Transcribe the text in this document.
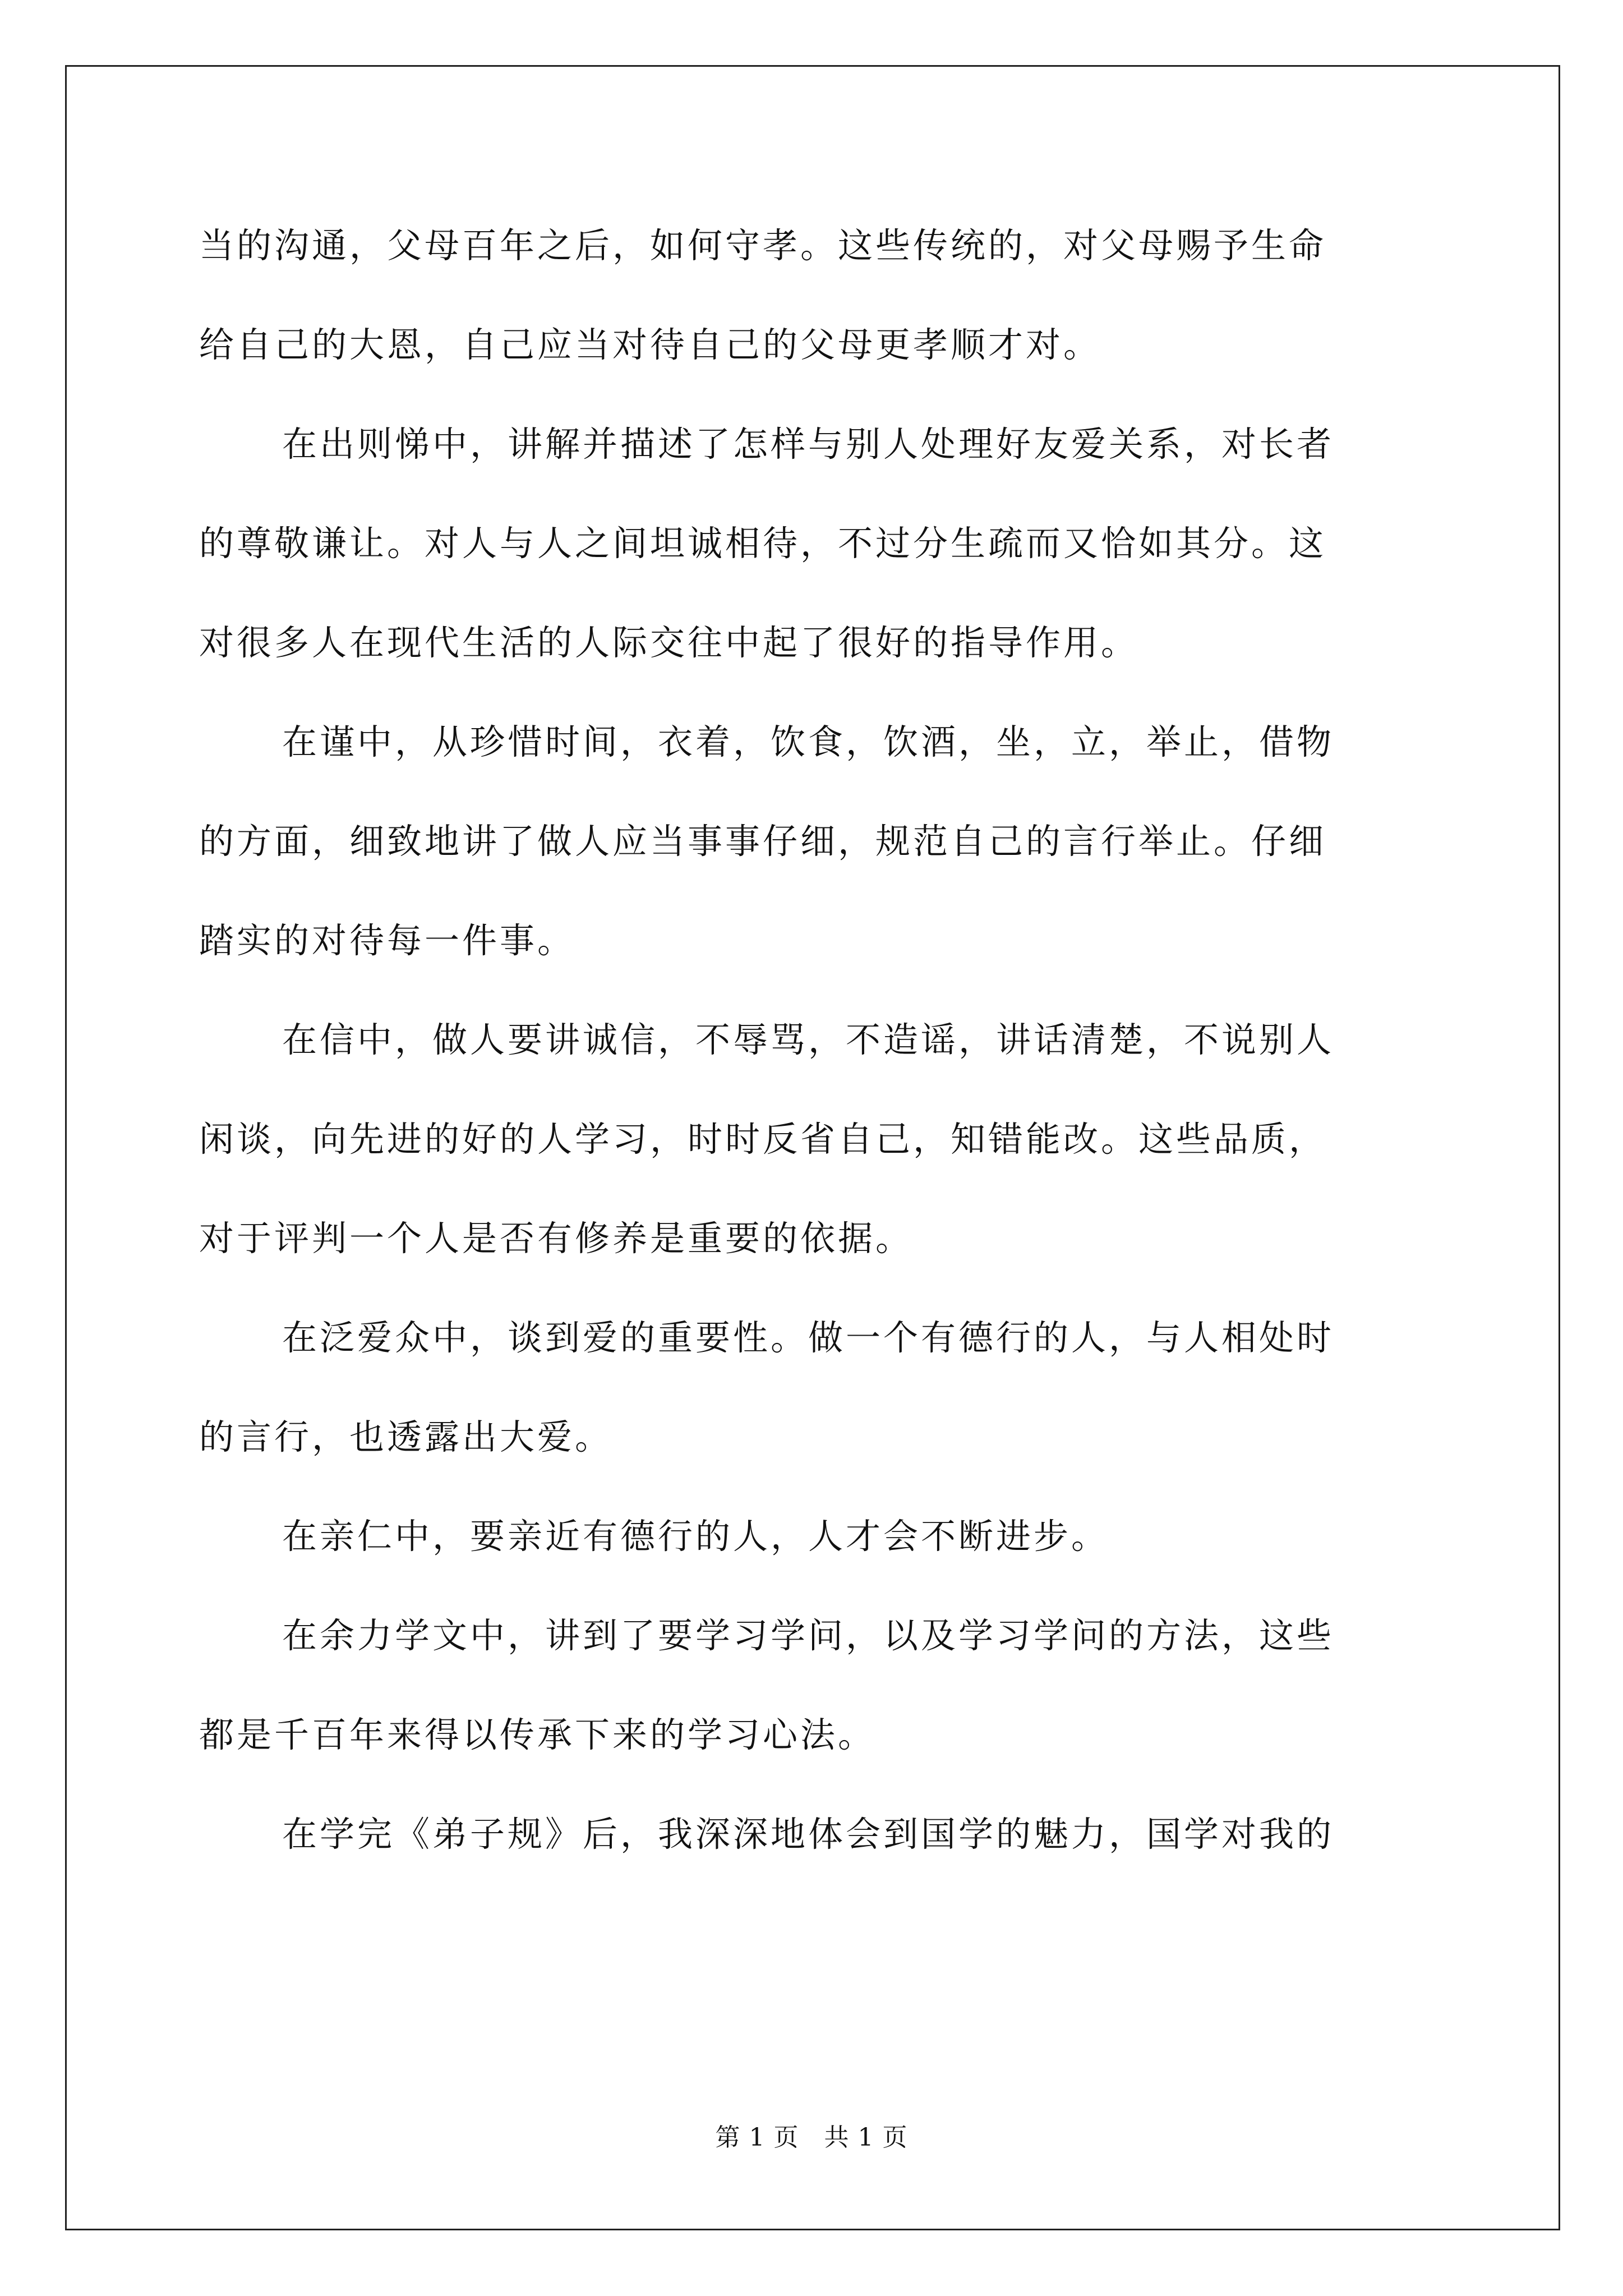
当的沟通，父母百年之后，如何守孝。这些传统的，对父母赐予生命

给自己的大恩，自己应当对待自己的父母更孝顺才对。

在出则悌中，讲解并描述了怎样与别人处理好友爱关系，对长者

的尊敬谦让。对人与人之间坦诚相待，不过分生疏而又恰如其分。这

对很多人在现代生活的人际交往中起了很好的指导作用。

在谨中，从珍惜时间，衣着，饮食，饮酒，坐，立，举止，借物

的方面，细致地讲了做人应当事事仔细，规范自己的言行举止。仔细

踏实的对待每一件事。

在信中，做人要讲诚信，不辱骂，不造谣，讲话清楚，不说别人

闲谈，向先进的好的人学习，时时反省自己，知错能改。这些品质，

对于评判一个人是否有修养是重要的依据。

在泛爱众中，谈到爱的重要性。做一个有德行的人，与人相处时

的言行，也透露出大爱。

在亲仁中，要亲近有德行的人，人才会不断进步。

在余力学文中，讲到了要学习学问，以及学习学问的方法，这些

都是千百年来得以传承下来的学习心法。

在学完《弟子规》后，我深深地体会到国学的魅力，国学对我的

第 1 页　共 1 页
